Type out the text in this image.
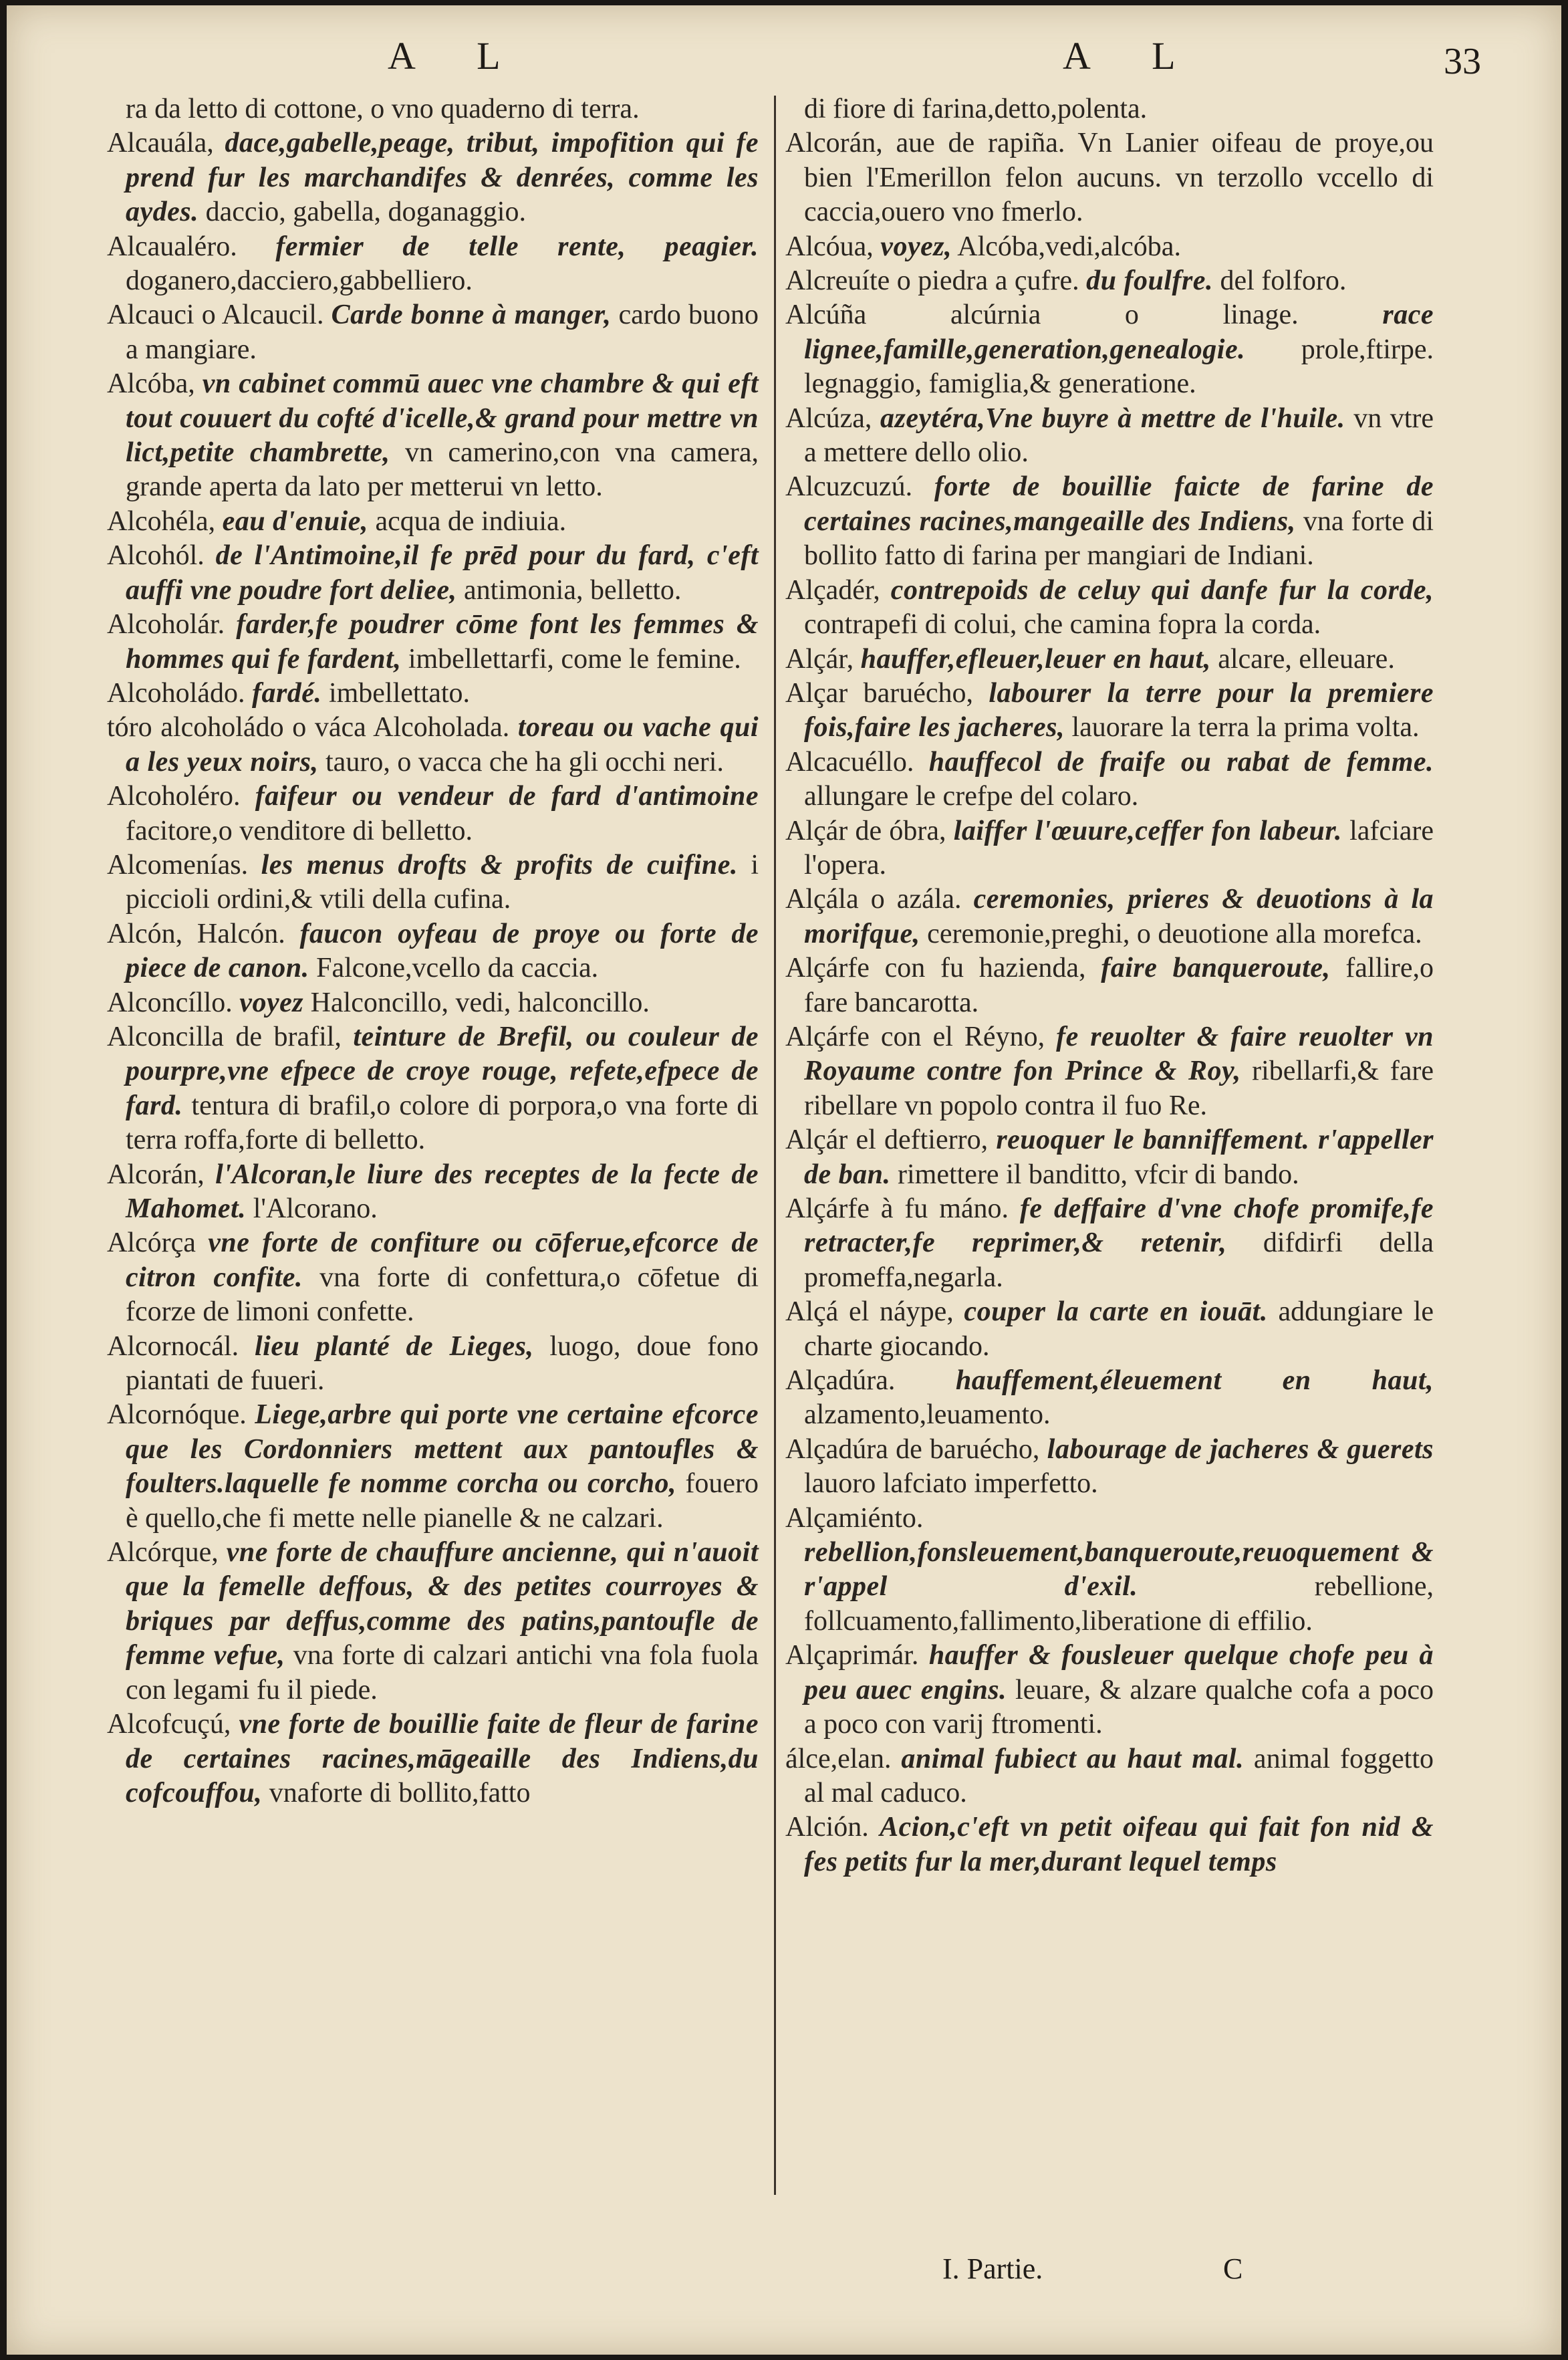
A L	A L	33

ra da letto di cottone, o vno quaderno di terra.

Alcauála, dace,gabelle,peage, tribut, impofition qui fe prend fur les marchandifes & denrées, comme les aydes. daccio, gabella, doganaggio.

Alcaualéro. fermier de telle rente, peagier. doganero,dacciero,gabbelliero.

Alcauci o Alcaucil. Carde bonne à manger, cardo buono a mangiare.

Alcóba, vn cabinet commū auec vne chambre & qui eft tout couuert du cofté d'icelle,& grand pour mettre vn lict,petite chambrette, vn camerino,con vna camera, grande aperta da lato per metterui vn letto.

Alcohéla, eau d'enuie, acqua de indiuia.

Alcohól. de l'Antimoine,il fe prēd pour du fard, c'eft auffi vne poudre fort deliee, antimonia, belletto.

Alcoholár. farder,fe poudrer cōme font les femmes & hommes qui fe fardent, imbellettarfi, come le femine.

Alcoholádo. fardé. imbellettato.

tóro alcoholádo o váca Alcoholada. toreau ou vache qui a les yeux noirs, tauro, o vacca che ha gli occhi neri.

Alcoholéro. faifeur ou vendeur de fard d'antimoine facitore,o venditore di belletto.

Alcomenías. les menus drofts & profits de cuifine. i piccioli ordini,& vtili della cufina.

Alcón, Halcón. faucon oyfeau de proye ou forte de piece de canon. Falcone,vcello da caccia.

Alconcíllo. voyez Halconcillo, vedi, halconcillo.

Alconcilla de brafil, teinture de Brefil, ou couleur de pourpre,vne efpece de croye rouge, refete,efpece de fard. tentura di brafil,o colore di porpora,o vna forte di terra roffa,forte di belletto.

Alcorán, l'Alcoran,le liure des receptes de la fecte de Mahomet. l'Alcorano.

Alcórça vne forte de confiture ou cōferue,efcorce de citron confite. vna forte di confettura,o cōfetue di fcorze de limoni confette.

Alcornocál. lieu planté de Lieges, luogo, doue fono piantati de fuueri.

Alcornóque. Liege,arbre qui porte vne certaine efcorce que les Cordonniers mettent aux pantoufles & foulters.laquelle fe nomme corcha ou corcho, fouero è quello,che fi mette nelle pianelle & ne calzari.

Alcórque, vne forte de chauffure ancienne, qui n'auoit que la femelle deffous, & des petites courroyes & briques par deffus,comme des patins,pantoufle de femme vefue, vna forte di calzari antichi vna fola fuola con legami fu il piede.

Alcofcuçú, vne forte de bouillie faite de fleur de farine de certaines racines,māgeaille des Indiens,du cofcouffou, vnaforte di bollito,fatto

di fiore di farina,detto,polenta.

Alcorán, aue de rapiña. Vn Lanier oifeau de proye,ou bien l'Emerillon felon aucuns. vn terzollo vccello di caccia,ouero vno fmerlo.

Alcóua, voyez, Alcóba,vedi,alcóba.

Alcreuíte o piedra a çufre. du foulfre. del folforo.

Alcúña alcúrnia o linage.	race lignee,famille,generation,genealogie. prole,ftirpe. legnaggio, famiglia,& generatione.

Alcúza, azeytéra,Vne buyre à mettre de l'huile. vn vtre a mettere dello olio.

Alcuzcuzú. forte de bouillie faicte de farine de certaines racines,mangeaille des Indiens, vna forte di bollito fatto di farina per mangiari de Indiani.

Alçadér, contrepoids de celuy qui danfe fur la corde, contrapefi di colui, che camina fopra la corda.

Alçár, hauffer,efleuer,leuer en haut, alcare, elleuare.

Alçar baruécho, labourer la terre pour la premiere fois,faire les jacheres, lauorare la terra la prima volta.

Alcacuéllo. hauffecol de fraife ou rabat de femme. allungare le crefpe del colaro.

Alçár de óbra, laiffer l'œuure,ceffer fon labeur. lafciare l'opera.

Alçála o azála. ceremonies, prieres & deuotions à la morifque, ceremonie,preghi, o deuotione alla morefca.

Alçárfe con fu hazienda, faire banqueroute, fallire,o fare bancarotta.

Alçárfe con el Réyno, fe reuolter & faire reuolter vn Royaume contre fon Prince & Roy, ribellarfi,& fare ribellare vn popolo contra il fuo Re.

Alçár el deftierro, reuoquer le banniffement. r'appeller de ban. rimettere il banditto, vfcir di bando.

Alçárfe à fu máno. fe deffaire d'vne chofe promife,fe retracter,fe reprimer,& retenir, difdirfi della promeffa,negarla.

Alçá el náype, couper la carte en iouāt. addungiare le charte giocando.

Alçadúra. hauffement,éleuement en haut, alzamento,leuamento.

Alçadúra de baruécho, labourage de jacheres & guerets lauoro lafciato imperfetto.

Alçamiénto. rebellion,fonsleuement,banqueroute,reuoquement & r'appel d'exil.	rebellione, follcuamento,fallimento,liberatione di effilio.

Alçaprimár. hauffer & fousleuer quelque chofe peu à peu auec engins. leuare, & alzare qualche cofa a poco a poco con varij ftromenti.

álce,elan. animal fubiect au haut mal. animal foggetto al mal caduco.

Alción. Acion,c'eft vn petit oifeau qui fait fon nid & fes petits fur la mer,durant lequel temps

I. Partie.	C
